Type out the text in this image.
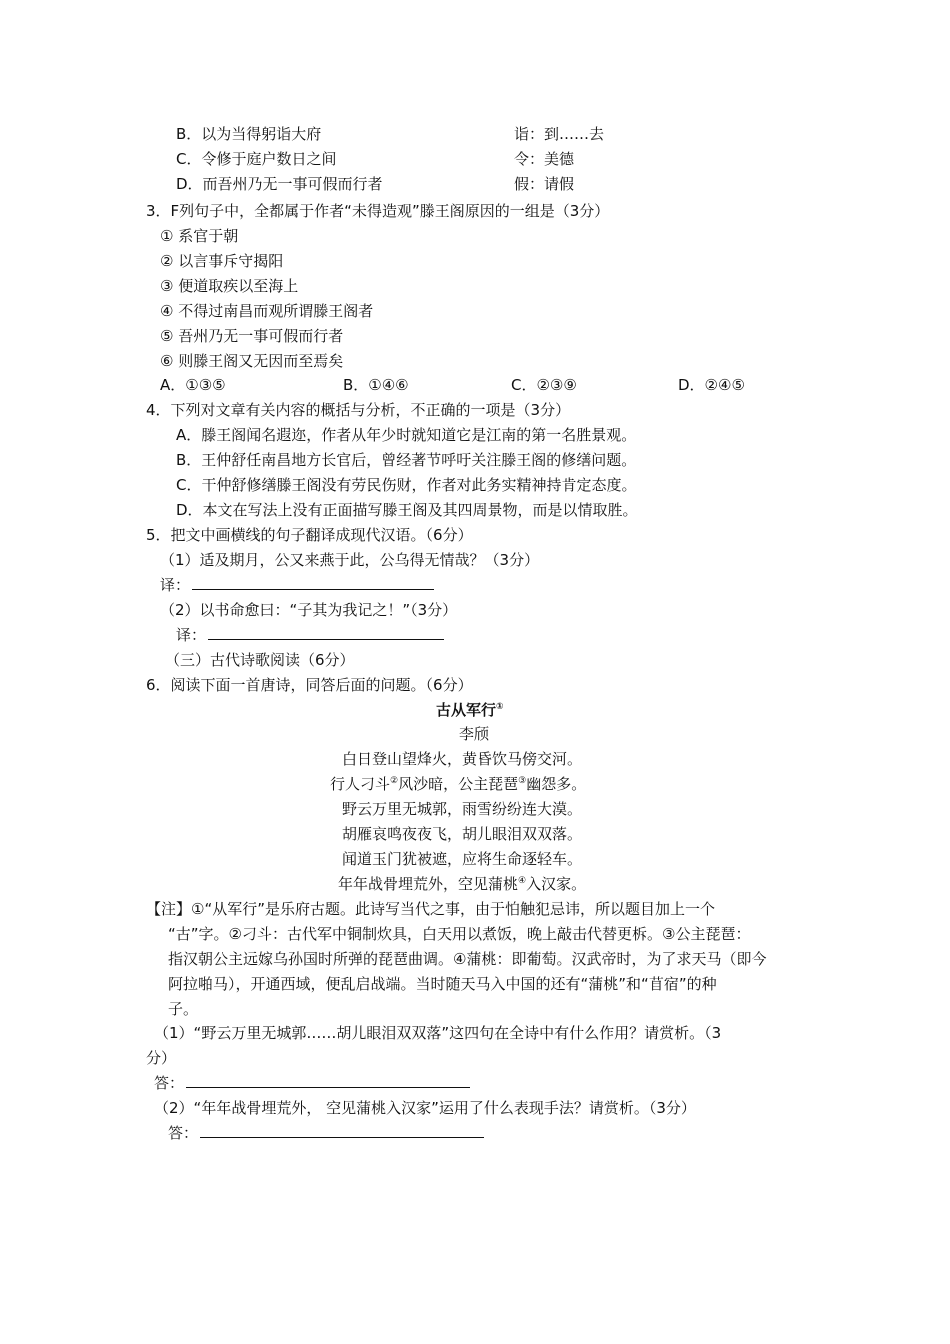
B．以为当得躬诣大府	诣：到……去
C．令修于庭户数日之间	令：美德
D．而吾州乃无一事可假而行者	假：请假
3．F列句子中，全都属于作者“未得造观”滕王阁原因的一组是（3分）
① 系官于朝
② 以言事斥守揭阳
③ 便道取疾以至海上
④ 不得过南昌而观所谓滕王阁者
⑤ 吾州乃无一事可假而行者
⑥ 则滕王阁又无因而至焉矣
A．①③⑤	B．①④⑥	C．②③⑨	D．②④⑤
4．下列对文章有关内容的概括与分析，不正确的一项是（3分）
A．滕王阁闻名遐迩，作者从年少时就知道它是江南的第一名胜景观。
B．王仲舒任南昌地方长官后，曾经著节呼吁关注滕王阁的修缮问题。
C．干仲舒修缮滕王阁没有劳民伤财，作者对此务实精神持肯定态度。
D．本文在写法上没有正面描写滕王阁及其四周景物，而是以情取胜。
5．把文中画横线的句子翻译成现代汉语。（6分）
（1）适及期月，公又来燕于此，公乌得无情哉？（3分）
译：
（2）以书命愈曰：“子其为我记之！”（3分）
译：
（三）古代诗歌阅读（6分）
6．阅读下面一首唐诗，同答后面的问题。（6分）
古从军行①
李颀
白日登山望烽火，黄昏饮马傍交河。
行人刁斗②风沙暗，公主琵琶③幽怨多。
野云万里无城郭，雨雪纷纷连大漠。
胡雁哀鸣夜夜飞，胡儿眼泪双双落。
闻道玉门犹被遮，应将生命逐轻车。
年年战骨埋荒外，空见蒲桃④入汉家。
【注】①“从军行”是乐府古题。此诗写当代之事，由于怕触犯忌讳，所以题目加上一个
“古”字。②刁斗：古代军中铜制炊具，白天用以煮饭，晚上敲击代替更柝。③公主琵琶：
指汉朝公主远嫁乌孙国时所弹的琵琶曲调。④蒲桃：即葡萄。汉武帝时，为了求天马（即今
阿拉啪马），开通西域，便乱启战端。当时随天马入中国的还有“蒲桃”和“苜宿”的种
子。
（1）“野云万里无城郭……胡儿眼泪双双落”这四句在全诗中有什么作用？请赏析。（3
分）
答：
（2）“年年战骨埋荒外， 空见蒲桃入汉家”运用了什么表现手法？请赏析。（3分）
答：
